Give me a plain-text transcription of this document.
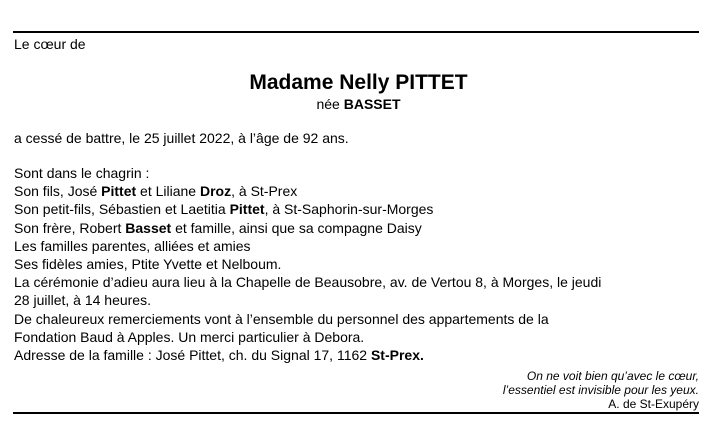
Le cœur de
Madame Nelly PITTET
née BASSET
a cessé de battre, le 25 juillet 2022, à l’âge de 92 ans.
Sont dans le chagrin :
Son fils, José Pittet et Liliane Droz, à St-Prex
Son petit-fils, Sébastien et Laetitia Pittet, à St-Saphorin-sur-Morges
Son frère, Robert Basset et famille, ainsi que sa compagne Daisy
Les familles parentes, alliées et amies
Ses fidèles amies, Ptite Yvette et Nelboum.
La cérémonie d’adieu aura lieu à la Chapelle de Beausobre, av. de Vertou 8, à Morges, le jeudi
28 juillet, à 14 heures.
De chaleureux remerciements vont à l’ensemble du personnel des appartements de la
Fondation Baud à Apples. Un merci particulier à Debora.
Adresse de la famille : José Pittet, ch. du Signal 17, 1162 St-Prex.
On ne voit bien qu’avec le cœur,
l’essentiel est invisible pour les yeux.
A. de St-Exupéry
